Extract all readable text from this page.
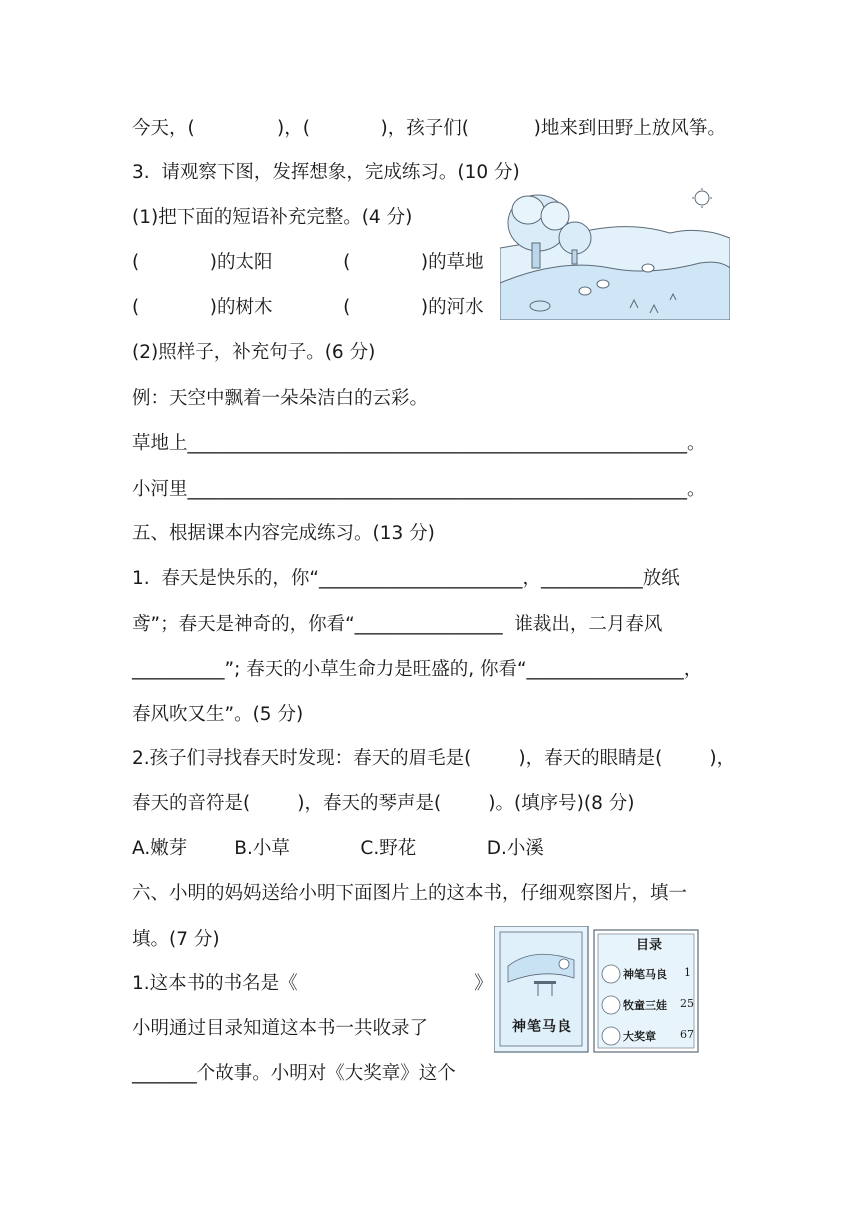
今天，(              )，(            )，孩子们(           )地来到田野上放风筝。
3.  请观察下图，发挥想象，完成练习。(10 分)
(1)把下面的短语补充完整。(4 分)
(            )的太阳            (            )的草地
(            )的树木            (            )的河水
(2)照样子，补充句子。(6 分)
例：天空中飘着一朵朵洁白的云彩。
草地上______________________________________________________。
小河里______________________________________________________。
五、根据课本内容完成练习。(13 分)
1.  春天是快乐的，你“______________________，___________放纸
鸢”；春天是神奇的，你看“________________  谁裁出，二月春风
__________”; 春天的小草生命力是旺盛的, 你看“_________________，
春风吹又生”。(5 分)
2.孩子们寻找春天时发现：春天的眉毛是(        )，春天的眼睛是(        )，
春天的音符是(        )，春天的琴声是(        )。(填序号)(8 分)
A.嫩芽        B.小草            C.野花            D.小溪
六、小明的妈妈送给小明下面图片上的这本书，仔细观察图片，填一
填。(7 分)
1.这本书的书名是《                              》
小明通过目录知道这本书一共收录了
_______个故事。小明对《大奖章》这个
神笔马良
目录
神笔马良 1
牧童三娃 25
大奖章 67
